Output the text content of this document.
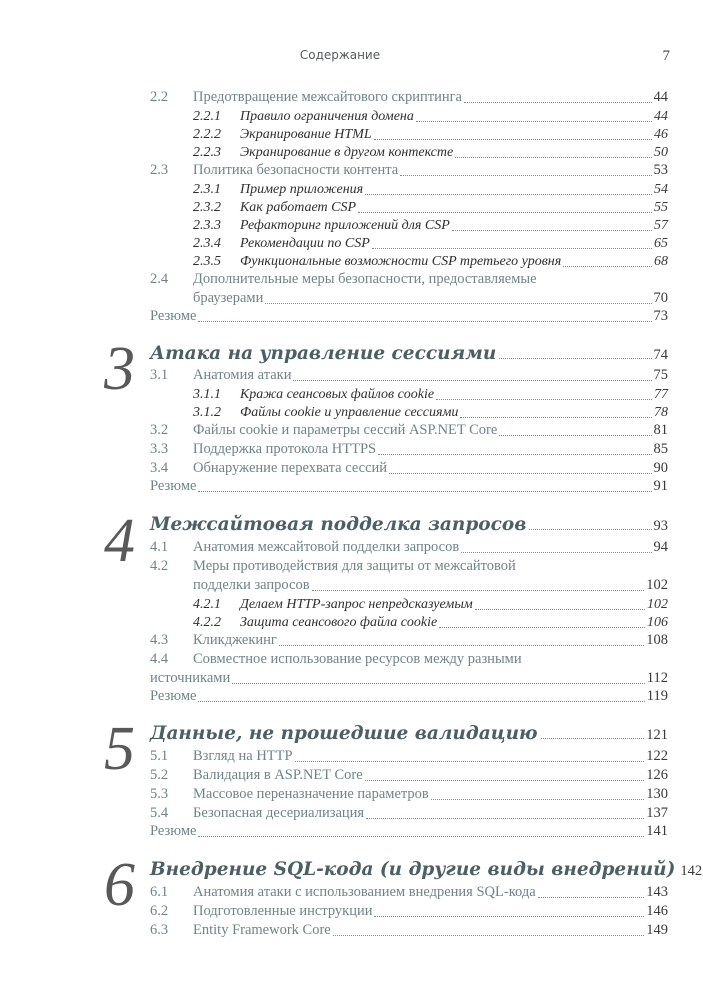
Содержание	7
2.2	Предотвращение межсайтового скриптинга	44
2.2.1	Правило ограничения домена	44
2.2.2	Экранирование HTML	46
2.2.3	Экранирование в другом контексте	50
2.3	Политика безопасности контента	53
2.3.1	Пример приложения	54
2.3.2	Как работает CSP	55
2.3.3	Рефакторинг приложений для CSP	57
2.3.4	Рекомендации по CSP	65
2.3.5	Функциональные возможности CSP третьего уровня	68
2.4	Дополнительные меры безопасности, предоставляемые
браузерами	70
Резюме	73
3 Атака на управление сессиями	74
3.1	Анатомия атаки	75
3.1.1	Кража сеансовых файлов cookie	77
3.1.2	Файлы cookie и управление сессиями	78
3.2	Файлы cookie и параметры сессий ASP.NET Core	81
3.3	Поддержка протокола HTTPS	85
3.4	Обнаружение перехвата сессий	90
Резюме	91
4 Межсайтовая подделка запросов	93
4.1	Анатомия межсайтовой подделки запросов	94
4.2	Меры противодействия для защиты от межсайтовой
подделки запросов	102
4.2.1	Делаем HTTP-запрос непредсказуемым	102
4.2.2	Защита сеансового файла cookie	106
4.3	Кликджекинг	108
4.4	Совместное использование ресурсов между разными
источниками	112
Резюме	119
5 Данные, не прошедшие валидацию	121
5.1	Взгляд на HTTP	122
5.2	Валидация в ASP.NET Core	126
5.3	Массовое переназначение параметров	130
5.4	Безопасная десериализация	137
Резюме	141
6 Внедрение SQL-кода (и другие виды внедрений) 142
6.1	Анатомия атаки с использованием внедрения SQL-кода	143
6.2	Подготовленные инструкции	146
6.3	Entity Framework Core	149
